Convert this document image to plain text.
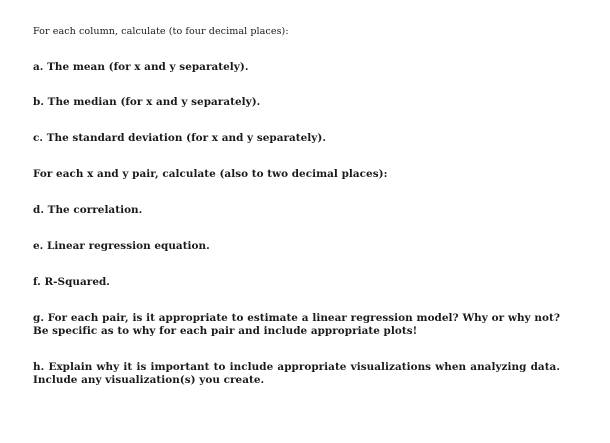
For each column, calculate (to four decimal places):
a. The mean (for x and y separately).
b. The median (for x and y separately).
c. The standard deviation (for x and y separately).
For each x and y pair, calculate (also to two decimal places):
d. The correlation.
e. Linear regression equation.
f. R-Squared.
g. For each pair, is it appropriate to estimate a linear regression model? Why or why not? Be specific as to why for each pair and include appropriate plots!
h. Explain why it is important to include appropriate visualizations when analyzing data. Include any visualization(s) you create.
